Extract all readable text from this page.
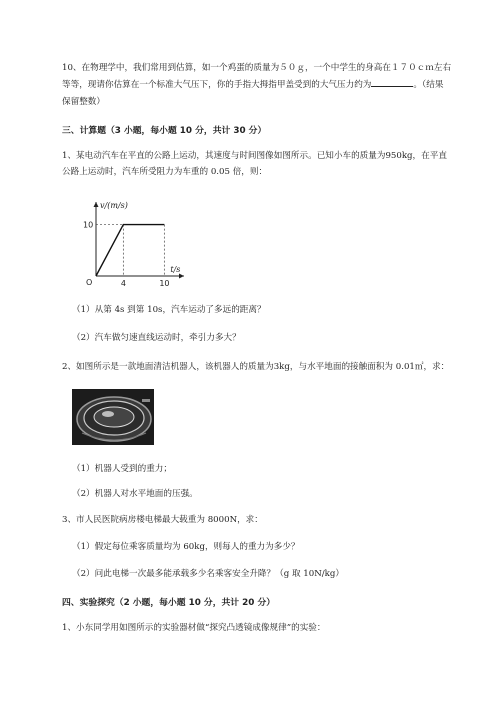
10、在物理学中，我们常用到估算，如一个鸡蛋的质量为５０ｇ，一个中学生的身高在１７０ｃｍ左右
等等，现请你估算在一个标准大气压下，你的手指大拇指甲盖受到的大气压力约为	。（结果
保留整数）
三、计算题（3 小题，每小题 10 分，共计 30 分）
1、某电动汽车在平直的公路上运动，其速度与时间图像如图所示。已知小车的质量为950kg，在平直
公路上运动时，汽车所受阻力为车重的 0.05 倍，则：
v/(m/s)
t/s
O	4	10
10
（1）从第 4s 到第 10s，汽车运动了多远的距离？
（2）汽车做匀速直线运动时，牵引力多大？
2、如图所示是一款地面清洁机器人，该机器人的质量为3kg，与水平地面的接触面积为 0.01㎡，求：
（1）机器人受到的重力；
（2）机器人对水平地面的压强。
3、市人民医院病房楼电梯最大载重为 8000N，求：
（1）假定每位乘客质量均为 60kg，则每人的重力为多少？
（2）问此电梯一次最多能承载多少名乘客安全升降？（g 取 10N/kg）
四、实验探究（2 小题，每小题 10 分，共计 20 分）
1、小东同学用如图所示的实验器材做“探究凸透镜成像规律”的实验：
